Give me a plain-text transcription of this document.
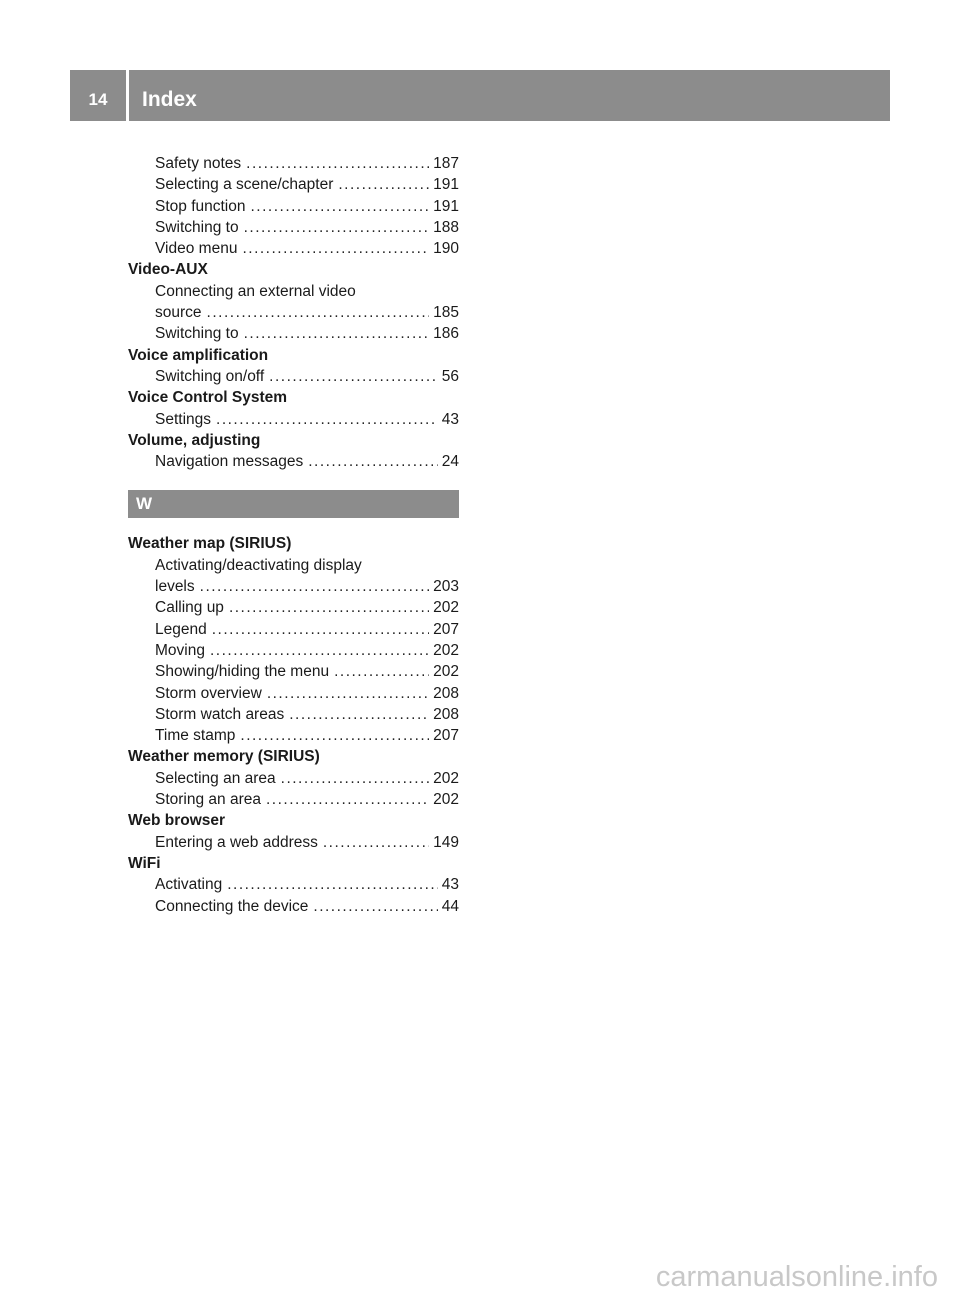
14	Index
Safety notes .....	187
Selecting a scene/chapter .....	191
Stop function .....	191
Switching to .....	188
Video menu .....	190
Video-AUX
Connecting an external video
source .....	185
Switching to .....	186
Voice amplification
Switching on/off .....	56
Voice Control System
Settings .....	43
Volume, adjusting
Navigation messages .....	24
W
Weather map (SIRIUS)
Activating/deactivating display
levels .....	203
Calling up .....	202
Legend .....	207
Moving .....	202
Showing/hiding the menu .....	202
Storm overview .....	208
Storm watch areas .....	208
Time stamp .....	207
Weather memory (SIRIUS)
Selecting an area .....	202
Storing an area .....	202
Web browser
Entering a web address .....	149
WiFi
Activating .....	43
Connecting the device .....	44
carmanualsonline.info
